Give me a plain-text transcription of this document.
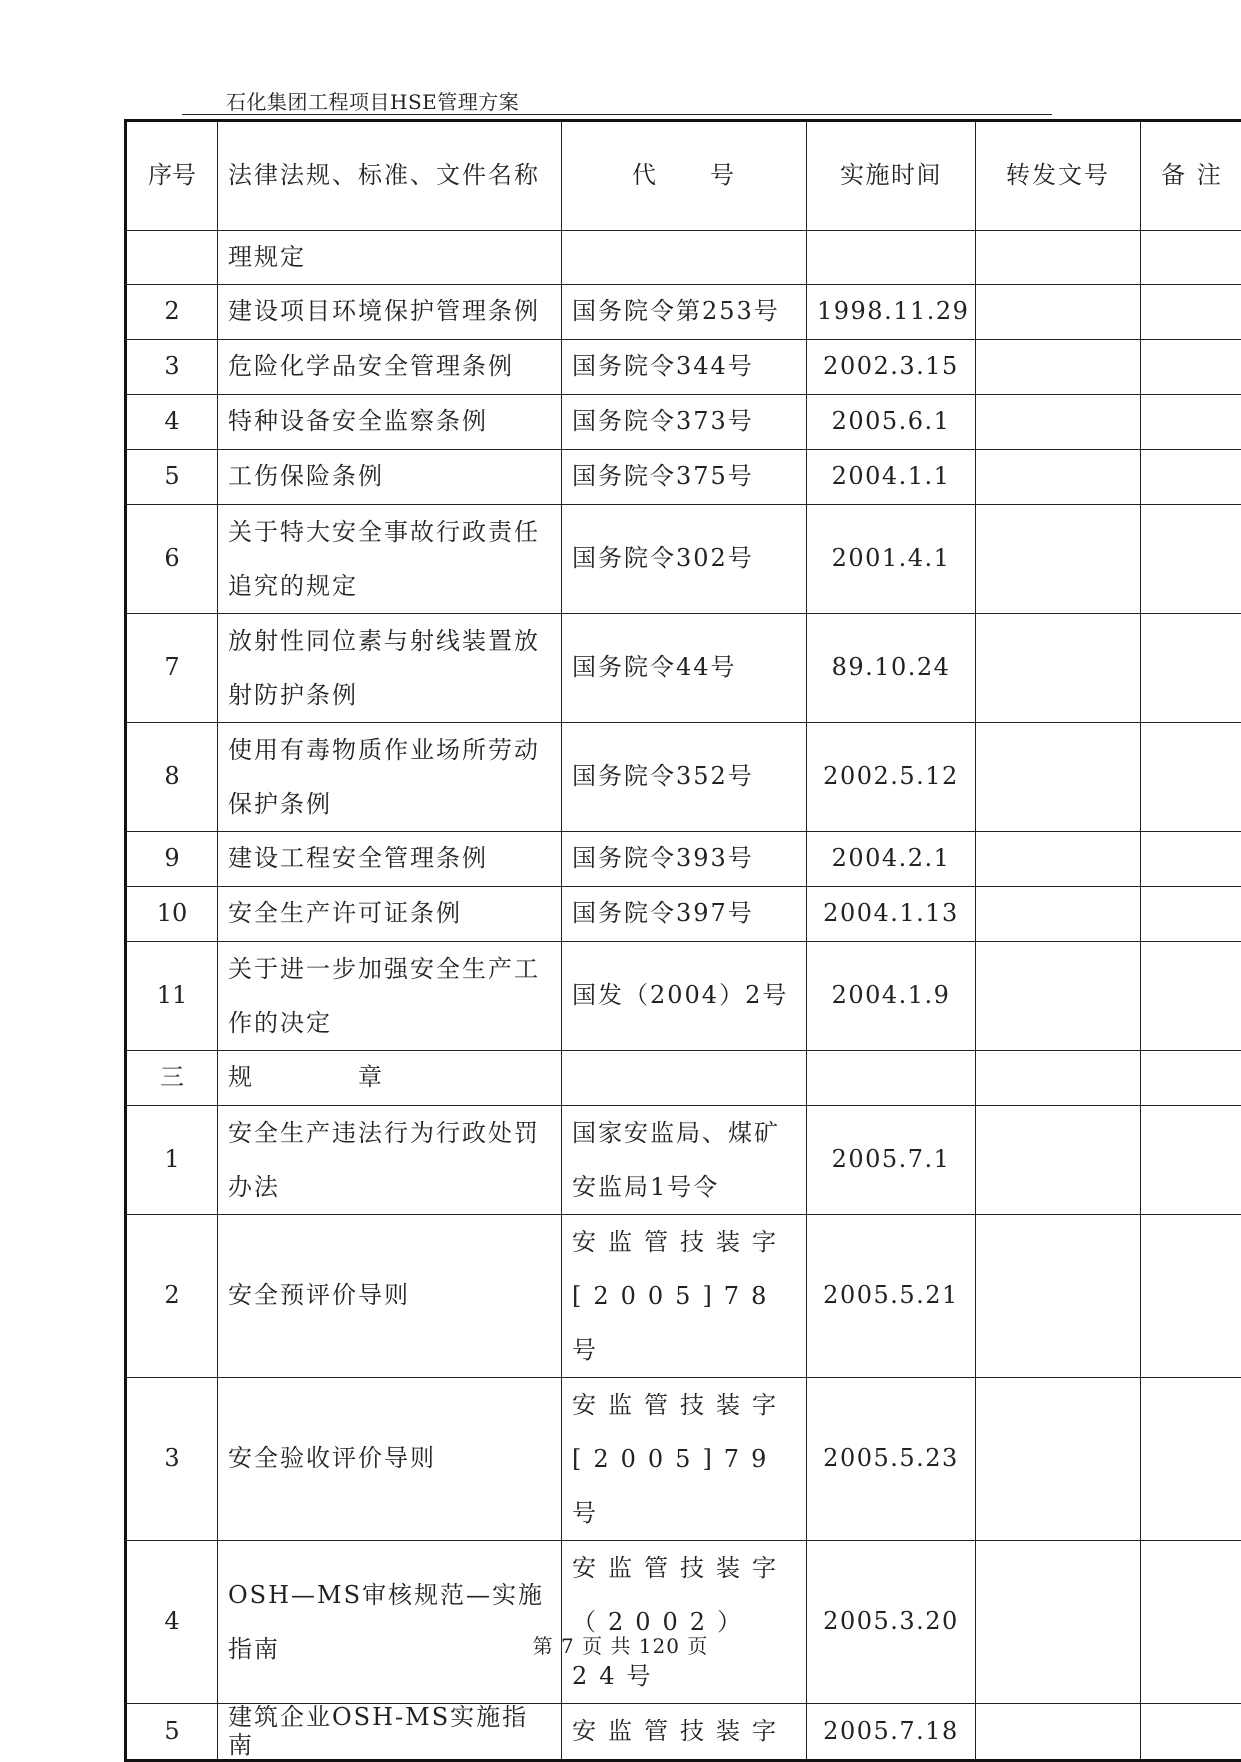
石化集团工程项目HSE管理方案
序号	法律法规、标准、文件名称	代　　号	实施时间	转发文号	备 注
	理规定				
2	建设项目环境保护管理条例	国务院令第253号	1998.11.29		
3	危险化学品安全管理条例	国务院令344号	2002.3.15		
4	特种设备安全监察条例	国务院令373号	2005.6.1		
5	工伤保险条例	国务院令375号	2004.1.1		
6	关于特大安全事故行政责任追究的规定	国务院令302号	2001.4.1		
7	放射性同位素与射线装置放射防护条例	国务院令44号	89.10.24		
8	使用有毒物质作业场所劳动保护条例	国务院令352号	2002.5.12		
9	建设工程安全管理条例	国务院令393号	2004.2.1		
10	安全生产许可证条例	国务院令397号	2004.1.13		
11	关于进一步加强安全生产工作的决定	国发（2004）2号	2004.1.9		
三	规　　　　章				
1	安全生产违法行为行政处罚办法	国家安监局、煤矿安监局1号令	2005.7.1		
2	安全预评价导则	安监管技装字[2005]78号	2005.5.21		
3	安全验收评价导则	安监管技装字[2005]79号	2005.5.23		
4	OSH—MS审核规范—实施指南	安监管技装字（2002）24号	2005.3.20		
5	建筑企业OSH-MS实施指南	安监管技装字	2005.7.18		
第 7 页 共 120 页
